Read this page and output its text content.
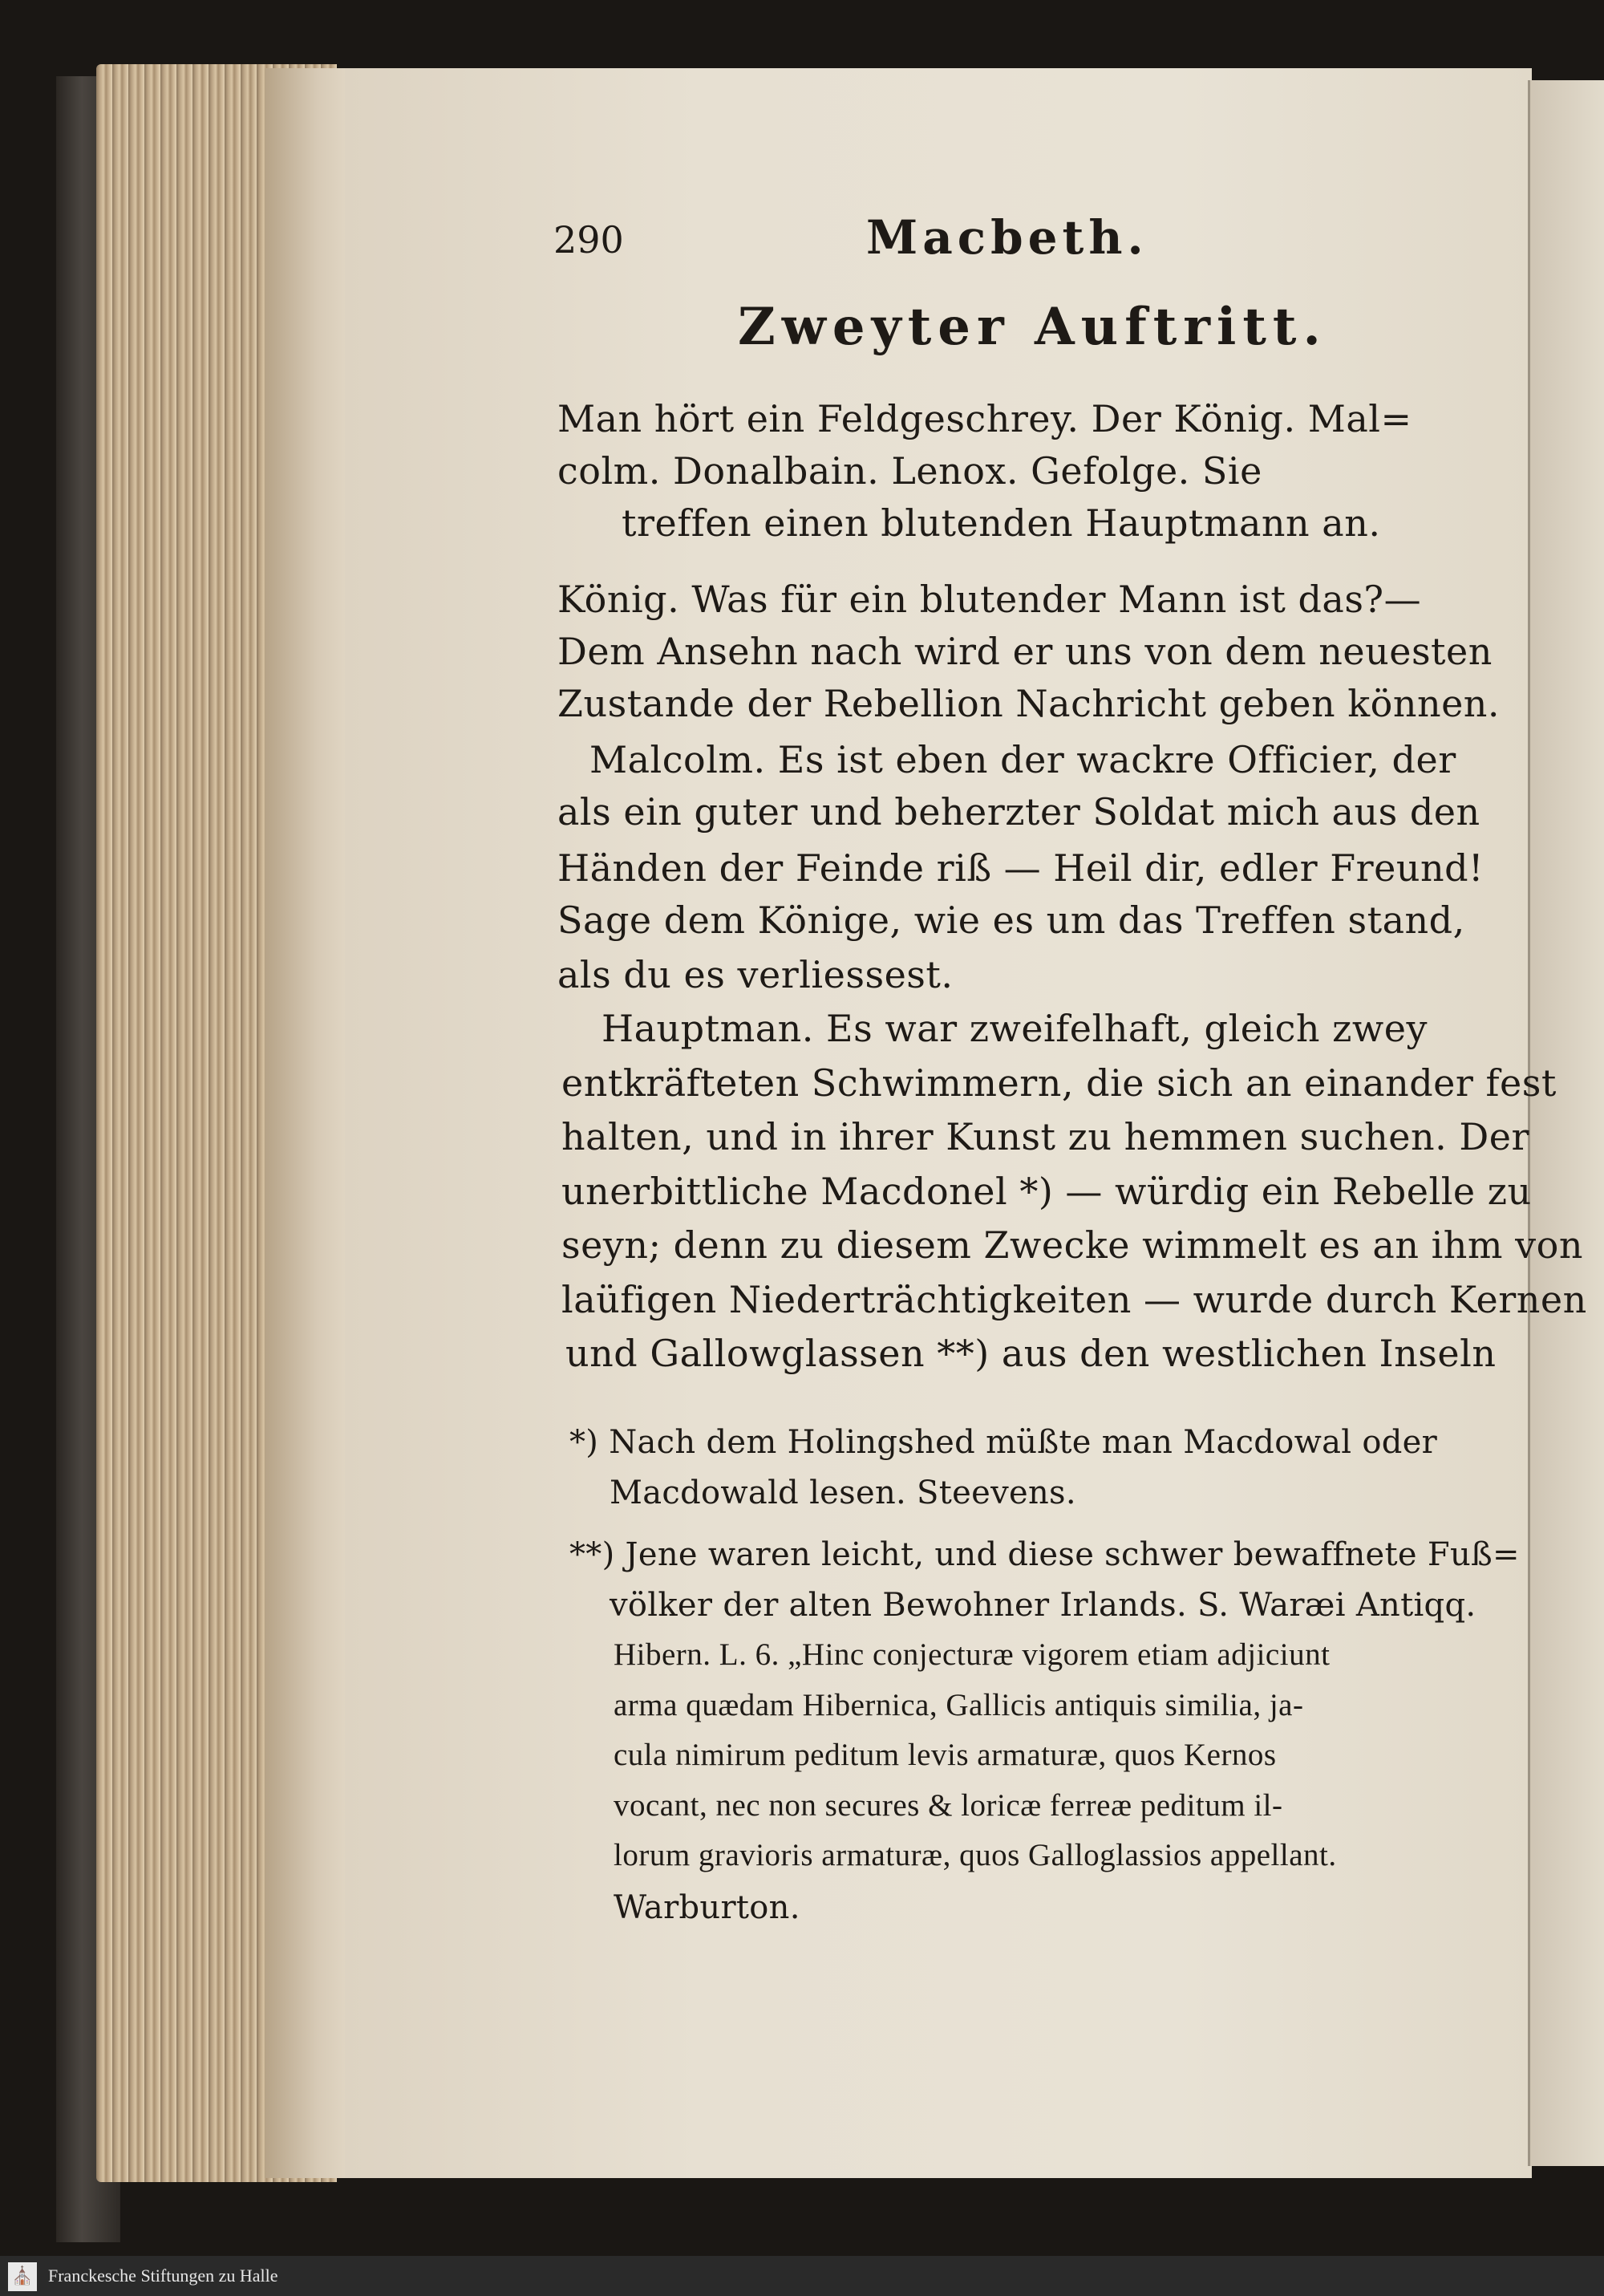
290	Macbeth.
Zweyter Auftritt.
Man hört ein Feldgeschrey. Der König. Mal=
colm. Donalbain. Lenox. Gefolge. Sie
treffen einen blutenden Hauptmann an.
König. Was für ein blutender Mann ist das?—
Dem Ansehn nach wird er uns von dem neuesten
Zustande der Rebellion Nachricht geben können.
Malcolm. Es ist eben der wackre Officier, der
als ein guter und beherzter Soldat mich aus den
Händen der Feinde riß — Heil dir, edler Freund!
Sage dem Könige, wie es um das Treffen stand,
als du es verliessest.
Hauptman. Es war zweifelhaft, gleich zwey
entkräfteten Schwimmern, die sich an einander fest
halten, und in ihrer Kunst zu hemmen suchen. Der
unerbittliche Macdonel *) — würdig ein Rebelle zu
seyn; denn zu diesem Zwecke wimmelt es an ihm von
laüfigen Niederträchtigkeiten — wurde durch Kernen
und Gallowglassen **) aus den westlichen Inseln
*) Nach dem Holingshed müßte man Macdowal oder
Macdowald lesen. Steevens.
**) Jene waren leicht, und diese schwer bewaffnete Fuß=
völker der alten Bewohner Irlands. S. Waræi Antiqq.
Hibern. L. 6. „Hinc conjecturæ vigorem etiam adjiciunt
arma quædam Hibernica, Gallicis antiquis similia, ja-
cula nimirum peditum levis armaturæ, quos Kernos
vocant, nec non secures & loricæ ferreæ peditum il-
lorum gravioris armaturæ, quos Galloglassios appellant.
Warburton.
⛪ Franckesche Stiftungen zu Halle
